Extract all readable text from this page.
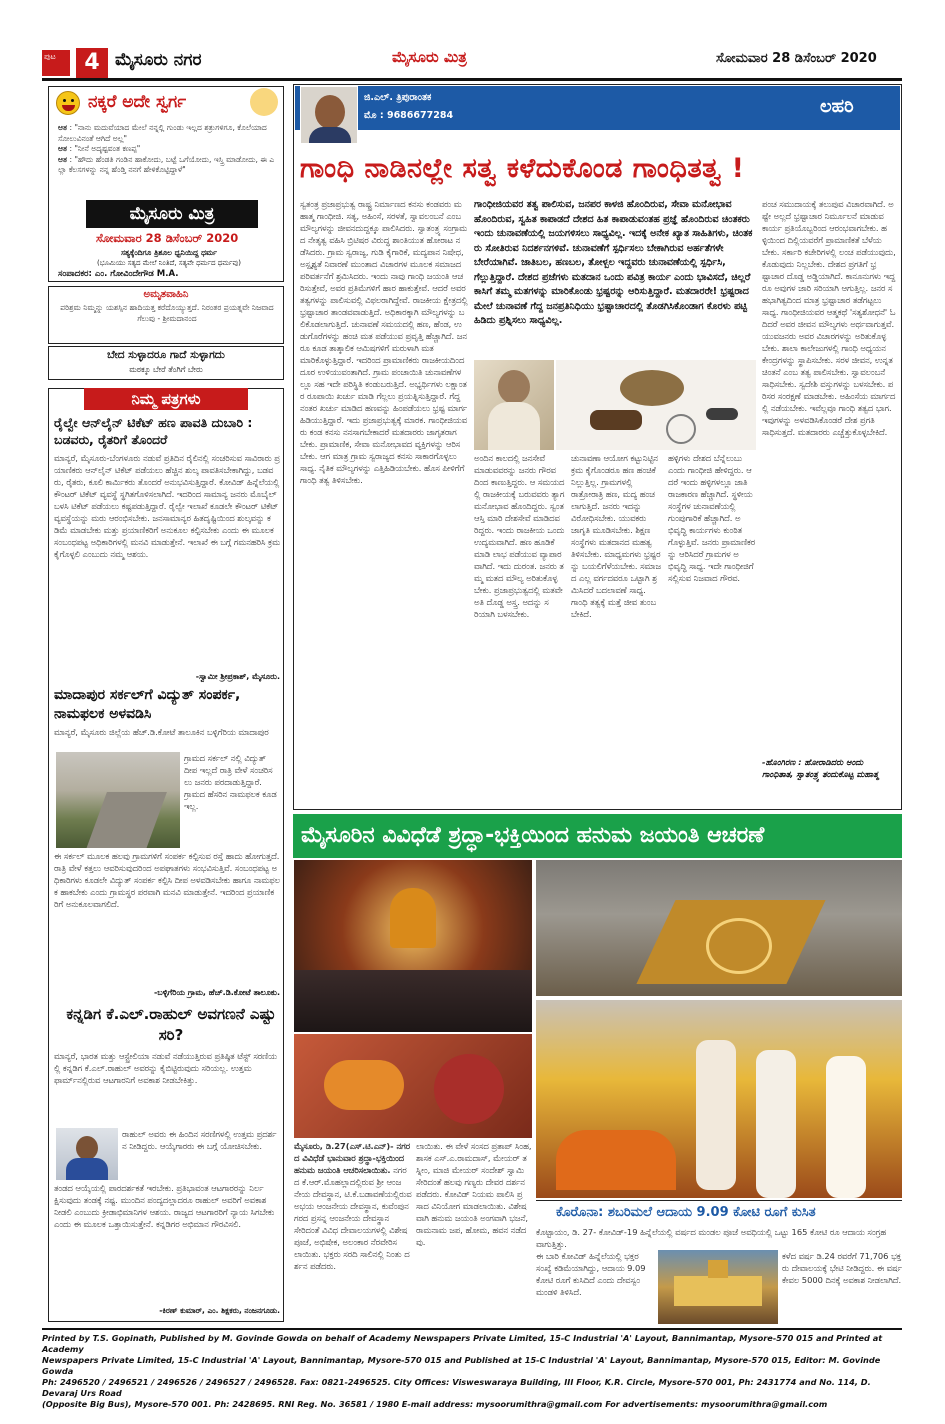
ಪುಟ	4 ಮೈಸೂರು ನಗರ	ಮೈಸೂರು ಮಿತ್ರ	ಸೋಮವಾರ 28 ಡಿಸೆಂಬರ್ 2020
ನಕ್ಕರೆ ಅದೇ ಸ್ವರ್ಗ
ಆತ : "ನಾನು ಮದುವೆಯಾದ ಮೇಲೆ ನನ್ನಲ್ಲಿ ಗುಂಡು ಇಲ್ಲದ ಶತ್ರುಗಳಿಗೂ, ಕೊಲೆಯಾದ ಸೋಲುವಿನಂತೆ ಆಗಿದೆ ಅಲ್ಲ"
ಆತ : "ನೀನೆ ಅದೃಷ್ಟವಂತ ಕಣಪ್ಪ"
ಆತ : "ಹೌದು ಹೆಂಡತಿ ಗಂಡಿನ ಹಾಕೋದು, ಬಟ್ಟೆ ಒಗೆಯೋದು, ಇಸ್ತ್ರಿ ಮಾಡೋದು, ಈ ಎಲ್ಲಾ ಕೆಲಸಗಳನ್ನು ನನ್ನ ಹೆಂಡ್ತಿ ನನಗೆ ಹೇಳಿಕೊಟ್ಟಿದ್ದಾಳೆ"
ಮೈಸೂರು ಮಿತ್ರ
ಸೋಮವಾರ 28 ಡಿಸೆಂಬರ್ 2020
ಸತ್ಯಕ್ಕೆಂದಿಗೂ ತ್ರಿಶೂಲ ಧ್ವನಿಯಿದ್ದ ಧರ್ಮ
(ಭೂಮಿಯು ಸತ್ಯದ ಮೇಲೆ ನಿಂತಿದೆ, ಸತ್ಯವೇ ಧರ್ಮದ ಧರ್ಮವು)
ಸಂಪಾದಕರ: ಎಂ. ಗೋವಿಂದೇಗೌಡ M.A.
ಅಮೃತವಾಹಿನಿ
ಪರಿಶ್ರಮ ನಿಮ್ಮನ್ನು ಯಶಸ್ಸಿನ ಹಾದಿಯತ್ತ ಕರೆದೊಯ್ಯುತ್ತದೆ. ನಿರಂತರ ಪ್ರಯತ್ನವೇ ನಿಜವಾದ ಗೆಲುವು - ಶ್ರೀಮದಾನಂದ
ಬೇದ ಸುಳ್ಳಾದರೂ ಗಾದೆ ಸುಳ್ಳಾಗದು
ಮಠಕ್ಕೂ ಬೇರೆ ತೆಂಗಿಗೆ ಬೇರು
ನಿಮ್ಮ ಪತ್ರಗಳು
ರೈಲ್ವೇ ಆನ್‌ಲೈನ್ ಟಿಕೆಟ್ ಹಣ ಪಾವತಿ ದುಬಾರಿ : ಬಡವರು, ರೈತರಿಗೆ ತೊಂದರೆ
ಮಾನ್ಯರೆ, ಮೈಸೂರು-ಬೆಂಗಳೂರು ನಡುವೆ ಪ್ರತಿದಿನ ರೈಲಿನಲ್ಲಿ ಸಂಚರಿಸುವ ಸಾವಿರಾರು ಪ್ರಯಾಣಿಕರು ಆನ್‌ಲೈನ್ ಟಿಕೆಟ್ ಪಡೆಯಲು ಹೆಚ್ಚಿನ ಶುಲ್ಕ ಪಾವತಿಸಬೇಕಾಗಿದ್ದು, ಬಡವರು, ರೈತರು, ಕೂಲಿ ಕಾರ್ಮಿಕರು ತೊಂದರೆ ಅನುಭವಿಸುತ್ತಿದ್ದಾರೆ. ಕೋವಿಡ್ ಹಿನ್ನೆಲೆಯಲ್ಲಿ ಕೌಂಟರ್ ಟಿಕೆಟ್ ವ್ಯವಸ್ಥೆ ಸ್ಥಗಿತಗೊಳಿಸಲಾಗಿದೆ. ಇದರಿಂದ ಸಾಮಾನ್ಯ ಜನರು ಮೊಬೈಲ್ ಬಳಸಿ ಟಿಕೆಟ್ ಪಡೆಯಲು ಕಷ್ಟಪಡುತ್ತಿದ್ದಾರೆ. ರೈಲ್ವೇ ಇಲಾಖೆ ಕೂಡಲೇ ಕೌಂಟರ್ ಟಿಕೆಟ್ ವ್ಯವಸ್ಥೆಯನ್ನು ಮರು ಆರಂಭಿಸಬೇಕು. ಜನಸಾಮಾನ್ಯರ ಹಿತದೃಷ್ಟಿಯಿಂದ ಶುಲ್ಕವನ್ನು ಕಡಿಮೆ ಮಾಡಬೇಕು ಮತ್ತು ಪ್ರಯಾಣಿಕರಿಗೆ ಅನುಕೂಲ ಕಲ್ಪಿಸಬೇಕು ಎಂದು ಈ ಮೂಲಕ ಸಂಬಂಧಪಟ್ಟ ಅಧಿಕಾರಿಗಳಲ್ಲಿ ಮನವಿ ಮಾಡುತ್ತೇನೆ. ಇಲಾಖೆ ಈ ಬಗ್ಗೆ ಗಮನಹರಿಸಿ ಕ್ರಮ ಕೈಗೊಳ್ಳಲಿ ಎಂಬುದು ನಮ್ಮ ಆಶಯ.
-ಸ್ವಾಮೀ ಶ್ರೀಪ್ರಕಾಶ್, ಮೈಸೂರು.
ಮಾದಾಪುರ ಸರ್ಕಲ್‌ಗೆ ವಿದ್ಯುತ್ ಸಂಪರ್ಕ, ನಾಮಫಲಕ ಅಳವಡಿಸಿ
ಮಾನ್ಯರೆ, ಮೈಸೂರು ಜಿಲ್ಲೆಯ ಹೆಚ್.ಡಿ.ಕೋಟೆ ತಾಲೂಕಿನ ಬಳ್ಳಿಗೆರಿಯ ಮಾದಾಪುರ
ಗ್ರಾಮದ ಸರ್ಕಲ್ ನಲ್ಲಿ ವಿದ್ಯುತ್ ದೀಪ ಇಲ್ಲದೆ ರಾತ್ರಿ ವೇಳೆ ಸಂಚರಿಸಲು ಜನರು ಪರದಾಡುತ್ತಿದ್ದಾರೆ. ಗ್ರಾಮದ ಹೆಸರಿನ ನಾಮಫಲಕ ಕೂಡ ಇಲ್ಲ.
ಈ ಸರ್ಕಲ್ ಮೂಲಕ ಹಲವು ಗ್ರಾಮಗಳಿಗೆ ಸಂಪರ್ಕ ಕಲ್ಪಿಸುವ ರಸ್ತೆ ಹಾದು ಹೋಗುತ್ತದೆ. ರಾತ್ರಿ ವೇಳೆ ಕತ್ತಲು ಆವರಿಸುವುದರಿಂದ ಅಪಘಾತಗಳು ಸಂಭವಿಸುತ್ತಿವೆ. ಸಂಬಂಧಪಟ್ಟ ಅಧಿಕಾರಿಗಳು ಕೂಡಲೇ ವಿದ್ಯುತ್ ಸಂಪರ್ಕ ಕಲ್ಪಿಸಿ ದೀಪ ಅಳವಡಿಸಬೇಕು ಹಾಗೂ ನಾಮಫಲಕ ಹಾಕಬೇಕು ಎಂದು ಗ್ರಾಮಸ್ಥರ ಪರವಾಗಿ ಮನವಿ ಮಾಡುತ್ತೇನೆ. ಇದರಿಂದ ಪ್ರಯಾಣಿಕರಿಗೆ ಅನುಕೂಲವಾಗಲಿದೆ.
-ಬಳ್ಳಿಗೆರಿಯ ಗ್ರಾಮ, ಹೆಚ್.ಡಿ.ಕೋಟೆ ತಾಲೂಕು.
ಕನ್ನಡಿಗ ಕೆ.ಎಲ್.ರಾಹುಲ್ ಅವಗಣನೆ ಎಷ್ಟು ಸರಿ?
ಮಾನ್ಯರೆ, ಭಾರತ ಮತ್ತು ಆಸ್ಟ್ರೇಲಿಯಾ ನಡುವೆ ನಡೆಯುತ್ತಿರುವ ಪ್ರತಿಷ್ಠಿತ ಟೆಸ್ಟ್ ಸರಣಿಯಲ್ಲಿ ಕನ್ನಡಿಗ ಕೆ.ಎಲ್.ರಾಹುಲ್ ಅವರನ್ನು ಕೈಬಿಟ್ಟಿರುವುದು ಸರಿಯಲ್ಲ. ಉತ್ತಮ ಫಾರ್ಮ್‌ನಲ್ಲಿರುವ ಆಟಗಾರನಿಗೆ ಅವಕಾಶ ನೀಡಬೇಕಿತ್ತು.
ರಾಹುಲ್ ಅವರು ಈ ಹಿಂದಿನ ಸರಣಿಗಳಲ್ಲಿ ಉತ್ತಮ ಪ್ರದರ್ಶನ ನೀಡಿದ್ದರು. ಆಯ್ಕೆಗಾರರು ಈ ಬಗ್ಗೆ ಯೋಚಿಸಬೇಕು.
ತಂಡದ ಆಯ್ಕೆಯಲ್ಲಿ ಪಾರದರ್ಶಕತೆ ಇರಬೇಕು. ಪ್ರತಿಭಾವಂತ ಆಟಗಾರರನ್ನು ನಿರ್ಲಕ್ಷಿಸುವುದು ತಂಡಕ್ಕೆ ನಷ್ಟ. ಮುಂದಿನ ಪಂದ್ಯದಲ್ಲಾದರೂ ರಾಹುಲ್ ಅವರಿಗೆ ಅವಕಾಶ ನೀಡಲಿ ಎಂಬುದು ಕ್ರೀಡಾಭಿಮಾನಿಗಳ ಆಶಯ. ರಾಜ್ಯದ ಆಟಗಾರರಿಗೆ ನ್ಯಾಯ ಸಿಗಬೇಕು ಎಂದು ಈ ಮೂಲಕ ಒತ್ತಾಯಿಸುತ್ತೇನೆ. ಕನ್ನಡಿಗರ ಅಭಿಮಾನ ಗೌರವಿಸಲಿ.
-ಕಿರಣ್ ಕುಮಾರ್, ಎಂ. ಶಿಕ್ಷಕರು, ನಂಜನಗೂಡು.
ಜಿ.ಎಲ್. ತ್ರಿಪುರಾಂತಕ
ಮೊ : 9686677284	ಲಹರಿ
ಗಾಂಧಿ ನಾಡಿನಲ್ಲೇ ಸತ್ವ ಕಳೆದುಕೊಂಡ ಗಾಂಧಿತತ್ವ !
ಸ್ವತಂತ್ರ ಪ್ರಜಾಪ್ರಭುತ್ವ ರಾಷ್ಟ್ರ ನಿರ್ಮಾಣದ ಕನಸು ಕಂಡವರು ಮಹಾತ್ಮ ಗಾಂಧೀಜಿ. ಸತ್ಯ, ಅಹಿಂಸೆ, ಸರಳತೆ, ಸ್ವಾವಲಂಬನೆ ಎಂಬ ಮೌಲ್ಯಗಳನ್ನು ಜೀವನದುದ್ದಕ್ಕೂ ಪಾಲಿಸಿದರು. ಸ್ವಾತಂತ್ರ್ಯ ಸಂಗ್ರಾಮದ ನೇತೃತ್ವ ವಹಿಸಿ ಬ್ರಿಟಿಷರ ವಿರುದ್ಧ ಶಾಂತಿಯುತ ಹೋರಾಟ ನಡೆಸಿದರು. ಗ್ರಾಮ ಸ್ವರಾಜ್ಯ, ಗುಡಿ ಕೈಗಾರಿಕೆ, ಮದ್ಯಪಾನ ನಿಷೇಧ, ಅಸ್ಪೃಶ್ಯತೆ ನಿವಾರಣೆ ಮುಂತಾದ ವಿಚಾರಗಳ ಮೂಲಕ ಸಮಾಜದ ಪರಿವರ್ತನೆಗೆ ಶ್ರಮಿಸಿದರು. ಇಂದು ನಾವು ಗಾಂಧಿ ಜಯಂತಿ ಆಚರಿಸುತ್ತೇವೆ, ಅವರ ಪ್ರತಿಮೆಗಳಿಗೆ ಹಾರ ಹಾಕುತ್ತೇವೆ. ಆದರೆ ಅವರ ತತ್ವಗಳನ್ನು ಪಾಲಿಸುವಲ್ಲಿ ವಿಫಲರಾಗಿದ್ದೇವೆ. ರಾಜಕೀಯ ಕ್ಷೇತ್ರದಲ್ಲಿ ಭ್ರಷ್ಟಾಚಾರ ತಾಂಡವವಾಡುತ್ತಿದೆ. ಅಧಿಕಾರಕ್ಕಾಗಿ ಮೌಲ್ಯಗಳನ್ನು ಬಲಿಕೊಡಲಾಗುತ್ತಿದೆ. ಚುನಾವಣೆ ಸಮಯದಲ್ಲಿ ಹಣ, ಹೆಂಡ, ಉಡುಗೊರೆಗಳನ್ನು ಹಂಚಿ ಮತ ಪಡೆಯುವ ಪ್ರವೃತ್ತಿ ಹೆಚ್ಚಾಗಿದೆ. ಜನರೂ ಕೂಡ ತಾತ್ಕಾಲಿಕ ಆಮಿಷಗಳಿಗೆ ಮರುಳಾಗಿ ಮತ ಮಾರಿಕೊಳ್ಳುತ್ತಿದ್ದಾರೆ. ಇದರಿಂದ ಪ್ರಾಮಾಣಿಕರು ರಾಜಕೀಯದಿಂದ ದೂರ ಉಳಿಯುವಂತಾಗಿದೆ. ಗ್ರಾಮ ಪಂಚಾಯಿತಿ ಚುನಾವಣೆಗಳಲ್ಲೂ ಸಹ ಇದೇ ಪರಿಸ್ಥಿತಿ ಕಂಡುಬರುತ್ತಿದೆ. ಅಭ್ಯರ್ಥಿಗಳು ಲಕ್ಷಾಂತರ ರೂಪಾಯಿ ಖರ್ಚು ಮಾಡಿ ಗೆಲ್ಲಲು ಪ್ರಯತ್ನಿಸುತ್ತಿದ್ದಾರೆ. ಗೆದ್ದ ನಂತರ ಖರ್ಚು ಮಾಡಿದ ಹಣವನ್ನು ಹಿಂಪಡೆಯಲು ಭ್ರಷ್ಟ ಮಾರ್ಗ ಹಿಡಿಯುತ್ತಿದ್ದಾರೆ. ಇದು ಪ್ರಜಾಪ್ರಭುತ್ವಕ್ಕೆ ಮಾರಕ. ಗಾಂಧೀಜಿಯವರು ಕಂಡ ಕನಸು ನನಸಾಗಬೇಕಾದರೆ ಮತದಾರರು ಜಾಗೃತರಾಗಬೇಕು. ಪ್ರಾಮಾಣಿಕ, ಸೇವಾ ಮನೋಭಾವದ ವ್ಯಕ್ತಿಗಳನ್ನು ಆರಿಸಬೇಕು. ಆಗ ಮಾತ್ರ ಗ್ರಾಮ ಸ್ವರಾಜ್ಯದ ಕನಸು ಸಾಕಾರಗೊಳ್ಳಲು ಸಾಧ್ಯ. ನೈತಿಕ ಮೌಲ್ಯಗಳನ್ನು ಎತ್ತಿಹಿಡಿಯಬೇಕು. ಹೊಸ ಪೀಳಿಗೆಗೆ ಗಾಂಧಿ ತತ್ವ ತಿಳಿಸಬೇಕು.
ಗಾಂಧೀಜಿಯವರ ತತ್ವ ಪಾಲಿಸುವ, ಜನಪರ ಕಾಳಜಿ ಹೊಂದಿರುವ, ಸೇವಾ ಮನೋಭಾವ ಹೊಂದಿರುವ, ಸ್ವಹಿತ ಕಾಪಾಡದೆ ದೇಶದ ಹಿತ ಕಾಪಾಡುವಂತಹ ಪ್ರಜ್ಞೆ ಹೊಂದಿರುವ ಚಿಂತಕರು ಇಂದು ಚುನಾವಣೆಯಲ್ಲಿ ಜಯಗಳಿಸಲು ಸಾಧ್ಯವಿಲ್ಲ. ಇದಕ್ಕೆ ಅನೇಕ ಖ್ಯಾತ ಸಾಹಿತಿಗಳು, ಚಿಂತಕರು ಸೋತಿರುವ ನಿದರ್ಶನಗಳಿವೆ. ಚುನಾವಣೆಗೆ ಸ್ಪರ್ಧಿಸಲು ಬೇಕಾಗಿರುವ ಅರ್ಹತೆಗಳೇ ಬೇರೆಯಾಗಿವೆ. ಜಾತಿಬಲ, ಹಣಬಲ, ತೋಳ್ಬಲ ಇದ್ದವರು ಚುನಾವಣೆಯಲ್ಲಿ ಸ್ಪರ್ಧಿಸಿ, ಗೆಲ್ಲುತ್ತಿದ್ದಾರೆ. ದೇಶದ ಪ್ರಜೆಗಳು ಮತದಾನ ಒಂದು ಪವಿತ್ರ ಕಾರ್ಯ ಎಂದು ಭಾವಿಸದೆ, ಚಿಲ್ಲರೆ ಕಾಸಿಗೆ ತಮ್ಮ ಮತಗಳನ್ನು ಮಾರಿಕೊಂಡು ಭ್ರಷ್ಟರನ್ನು ಆರಿಸುತ್ತಿದ್ದಾರೆ. ಮತದಾರರೇ! ಭ್ರಷ್ಟರಾದ ಮೇಲೆ ಚುನಾವಣೆ ಗೆದ್ದ ಜನಪ್ರತಿನಿಧಿಯು ಭ್ರಷ್ಟಾಚಾರದಲ್ಲಿ ತೊಡಗಿಸಿಕೊಂಡಾಗ ಕೊರಳು ಪಟ್ಟಿ ಹಿಡಿದು ಪ್ರಶ್ನಿಸಲು ಸಾಧ್ಯವಿಲ್ಲ.
ಅಂದಿನ ಕಾಲದಲ್ಲಿ ಜನಸೇವೆ ಮಾಡುವವರನ್ನು ಜನರು ಗೌರವದಿಂದ ಕಾಣುತ್ತಿದ್ದರು. ಆ ಸಮಯದಲ್ಲಿ ರಾಜಕೀಯಕ್ಕೆ ಬರುವವರು ತ್ಯಾಗ ಮನೋಭಾವ ಹೊಂದಿದ್ದರು. ಸ್ವಂತ ಆಸ್ತಿ ಮಾರಿ ದೇಶಸೇವೆ ಮಾಡಿದವರಿದ್ದರು. ಇಂದು ರಾಜಕೀಯ ಒಂದು ಉದ್ಯಮವಾಗಿದೆ. ಹಣ ಹೂಡಿಕೆ ಮಾಡಿ ಲಾಭ ಪಡೆಯುವ ವ್ಯಾಪಾರವಾಗಿದೆ. ಇದು ದುರಂತ. ಜನರು ತಮ್ಮ ಮತದ ಮೌಲ್ಯ ಅರಿತುಕೊಳ್ಳಬೇಕು. ಪ್ರಜಾಪ್ರಭುತ್ವದಲ್ಲಿ ಮತವೇ ಅತಿ ದೊಡ್ಡ ಅಸ್ತ್ರ. ಅದನ್ನು ಸರಿಯಾಗಿ ಬಳಸಬೇಕು.
ಚುನಾವಣಾ ಆಯೋಗ ಕಟ್ಟುನಿಟ್ಟಿನ ಕ್ರಮ ಕೈಗೊಂಡರೂ ಹಣ ಹಂಚಿಕೆ ನಿಲ್ಲುತ್ತಿಲ್ಲ. ಗ್ರಾಮಗಳಲ್ಲಿ ರಾತ್ರೋರಾತ್ರಿ ಹಣ, ಮದ್ಯ ಹಂಚಲಾಗುತ್ತಿದೆ. ಜನರು ಇದನ್ನು ವಿರೋಧಿಸಬೇಕು. ಯುವಕರು ಜಾಗೃತಿ ಮೂಡಿಸಬೇಕು. ಶಿಕ್ಷಣ ಸಂಸ್ಥೆಗಳು ಮತದಾನದ ಮಹತ್ವ ತಿಳಿಸಬೇಕು. ಮಾಧ್ಯಮಗಳು ಭ್ರಷ್ಟರನ್ನು ಬಯಲಿಗೆಳೆಯಬೇಕು. ಸಮಾಜದ ಎಲ್ಲ ವರ್ಗದವರೂ ಒಟ್ಟಾಗಿ ಶ್ರಮಿಸಿದರೆ ಬದಲಾವಣೆ ಸಾಧ್ಯ. ಗಾಂಧಿ ತತ್ವಕ್ಕೆ ಮತ್ತೆ ಜೀವ ತುಂಬಬೇಕಿದೆ.
ಹಳ್ಳಿಗಳು ದೇಶದ ಬೆನ್ನೆಲುಬು ಎಂದು ಗಾಂಧೀಜಿ ಹೇಳಿದ್ದರು. ಆದರೆ ಇಂದು ಹಳ್ಳಿಗಳಲ್ಲೂ ಜಾತಿ ರಾಜಕಾರಣ ಹೆಚ್ಚಾಗಿದೆ. ಸ್ಥಳೀಯ ಸಂಸ್ಥೆಗಳ ಚುನಾವಣೆಯಲ್ಲಿ ಗುಂಪುಗಾರಿಕೆ ಹೆಚ್ಚಾಗಿದೆ. ಅಭಿವೃದ್ಧಿ ಕಾರ್ಯಗಳು ಕುಂಠಿತಗೊಳ್ಳುತ್ತಿವೆ. ಜನರು ಪ್ರಾಮಾಣಿಕರನ್ನು ಆರಿಸಿದರೆ ಗ್ರಾಮಗಳ ಅಭಿವೃದ್ಧಿ ಸಾಧ್ಯ. ಇದೇ ಗಾಂಧೀಜಿಗೆ ಸಲ್ಲಿಸುವ ನಿಜವಾದ ಗೌರವ.
ಪಂಚ ಸಮುದಾಯಕ್ಕೆ ತಲುಪುವ ವಿಚಾರವಾಗಿದೆ. ಅಷ್ಟೇ ಅಲ್ಲದೆ ಭ್ರಷ್ಟಾಚಾರ ನಿರ್ಮೂಲನೆ ಮಾಡುವ ಕಾರ್ಯ ಪ್ರತಿಯೊಬ್ಬರಿಂದ ಆರಂಭವಾಗಬೇಕು. ಹಳ್ಳಿಯಿಂದ ದಿಲ್ಲಿಯವರೆಗೆ ಪ್ರಾಮಾಣಿಕತೆ ಬೆಳೆಯಬೇಕು. ಸರ್ಕಾರಿ ಕಚೇರಿಗಳಲ್ಲಿ ಲಂಚ ಪಡೆಯುವುದು, ಕೊಡುವುದು ನಿಲ್ಲಬೇಕು. ದೇಶದ ಪ್ರಗತಿಗೆ ಭ್ರಷ್ಟಾಚಾರ ದೊಡ್ಡ ಅಡ್ಡಿಯಾಗಿದೆ. ಕಾನೂನುಗಳು ಇದ್ದರೂ ಅವುಗಳ ಜಾರಿ ಸರಿಯಾಗಿ ಆಗುತ್ತಿಲ್ಲ. ಜನರ ಸಹಭಾಗಿತ್ವದಿಂದ ಮಾತ್ರ ಭ್ರಷ್ಟಾಚಾರ ತಡೆಗಟ್ಟಲು ಸಾಧ್ಯ. ಗಾಂಧೀಜಿಯವರ ಆತ್ಮಕಥೆ 'ಸತ್ಯಶೋಧನೆ' ಓದಿದರೆ ಅವರ ಜೀವನ ಮೌಲ್ಯಗಳು ಅರ್ಥವಾಗುತ್ತವೆ. ಯುವಜನರು ಅವರ ವಿಚಾರಗಳನ್ನು ಅರಿತುಕೊಳ್ಳಬೇಕು. ಶಾಲಾ ಕಾಲೇಜುಗಳಲ್ಲಿ ಗಾಂಧಿ ಅಧ್ಯಯನ ಕೇಂದ್ರಗಳನ್ನು ಸ್ಥಾಪಿಸಬೇಕು. ಸರಳ ಜೀವನ, ಉನ್ನತ ಚಿಂತನೆ ಎಂಬ ತತ್ವ ಪಾಲಿಸಬೇಕು. ಸ್ವಾವಲಂಬನೆ ಸಾಧಿಸಬೇಕು. ಸ್ವದೇಶಿ ವಸ್ತುಗಳನ್ನು ಬಳಸಬೇಕು. ಪರಿಸರ ಸಂರಕ್ಷಣೆ ಮಾಡಬೇಕು. ಅಹಿಂಸೆಯ ಮಾರ್ಗದಲ್ಲಿ ನಡೆಯಬೇಕು. ಇವೆಲ್ಲವೂ ಗಾಂಧಿ ತತ್ವದ ಭಾಗ. ಇವುಗಳನ್ನು ಅಳವಡಿಸಿಕೊಂಡರೆ ದೇಶ ಪ್ರಗತಿ ಸಾಧಿಸುತ್ತದೆ. ಮತದಾರರು ಎಚ್ಚೆತ್ತುಕೊಳ್ಳಬೇಕಿದೆ.
-ಹೊಂಗಿರಣ : ಹೋರಾಡಿದರು ಅಂದು ಗಾಂಧಿತಾತ, ಸ್ವಾತಂತ್ರ್ಯ ತಂದುಕೊಟ್ಟ ಮಹಾತ್ಮ
ಮೈಸೂರಿನ ವಿವಿಧೆಡೆ ಶ್ರದ್ಧಾ-ಭಕ್ತಿಯಿಂದ ಹನುಮ ಜಯಂತಿ ಆಚರಣೆ
ಮೈಸೂರು, ಡಿ.27(ಎಸ್.ಟಿ.ಎನ್)- ನಗರದ ವಿವಿಧೆಡೆ ಭಾನುವಾರ ಶ್ರದ್ಧಾ-ಭಕ್ತಿಯಿಂದ ಹನುಮ ಜಯಂತಿ ಆಚರಿಸಲಾಯಿತು. ನಗರದ ಕೆ.ಆರ್.ಮೊಹಲ್ಲಾದಲ್ಲಿರುವ ಶ್ರೀ ಆಂಜನೇಯ ದೇವಸ್ಥಾನ, ಟಿ.ಕೆ.ಬಡಾವಣೆಯಲ್ಲಿರುವ ಅಭಯ ಆಂಜನೇಯ ದೇವಸ್ಥಾನ, ಕುವೆಂಪುನಗರದ ಪ್ರಸನ್ನ ಆಂಜನೇಯ ದೇವಸ್ಥಾನ ಸೇರಿದಂತೆ ವಿವಿಧ ದೇವಾಲಯಗಳಲ್ಲಿ ವಿಶೇಷ ಪೂಜೆ, ಅಭಿಷೇಕ, ಅಲಂಕಾರ ನೆರವೇರಿಸಲಾಯಿತು. ಭಕ್ತರು ಸರದಿ ಸಾಲಿನಲ್ಲಿ ನಿಂತು ದರ್ಶನ ಪಡೆದರು.
ಲಾಯಿತು. ಈ ವೇಳೆ ಸಂಸದ ಪ್ರತಾಪ್ ಸಿಂಹ, ಶಾಸಕ ಎಸ್.ಎ.ರಾಮದಾಸ್, ಮೇಯರ್ ತಸ್ನೀಂ, ಮಾಜಿ ಮೇಯರ್ ಸಂದೇಶ್ ಸ್ವಾಮಿ ಸೇರಿದಂತೆ ಹಲವು ಗಣ್ಯರು ದೇವರ ದರ್ಶನ ಪಡೆದರು. ಕೋವಿಡ್ ನಿಯಮ ಪಾಲಿಸಿ ಪ್ರಸಾದ ವಿನಿಯೋಗ ಮಾಡಲಾಯಿತು. ವಿಶೇಷವಾಗಿ ಹನುಮ ಜಯಂತಿ ಅಂಗವಾಗಿ ಭಜನೆ, ರಾಮನಾಮ ಜಪ, ಹೋಮ, ಹವನ ನಡೆದವು.
ಕೊರೊನಾ: ಶಬರಿಮಲೆ ಆದಾಯ 9.09 ಕೋಟಿ ರೂಗೆ ಕುಸಿತ
ಕೊಟ್ಟಾಯಂ, ಡಿ. 27- ಕೋವಿಡ್-19 ಹಿನ್ನೆಲೆಯಲ್ಲಿ ವರ್ಷದ ಮಂಡಲ ಪೂಜೆ ಅವಧಿಯಲ್ಲಿ ಒಟ್ಟು 165 ಕೋಟಿ ರೂ ಆದಾಯ ಸಂಗ್ರಹವಾಗುತ್ತಿತ್ತು.
ಈ ಬಾರಿ ಕೋವಿಡ್ ಹಿನ್ನೆಲೆಯಲ್ಲಿ ಭಕ್ತರ ಸಂಖ್ಯೆ ಕಡಿಮೆಯಾಗಿದ್ದು, ಆದಾಯ 9.09 ಕೋಟಿ ರೂಗೆ ಕುಸಿದಿದೆ ಎಂದು ದೇವಸ್ವಂ ಮಂಡಳಿ ತಿಳಿಸಿದೆ.
ಕಳೆದ ವರ್ಷ ಡಿ.24 ರವರೆಗೆ 71,706 ಭಕ್ತರು ದೇವಾಲಯಕ್ಕೆ ಭೇಟಿ ನೀಡಿದ್ದರು. ಈ ವರ್ಷ ಕೇವಲ 5000 ದಿನಕ್ಕೆ ಅವಕಾಶ ನೀಡಲಾಗಿದೆ.
Printed by T.S. Gopinath, Published by M. Govinde Gowda on behalf of Academy Newspapers Private Limited, 15-C Industrial 'A' Layout, Bannimantap, Mysore-570 015 and Printed at Academy
Newspapers Private Limited, 15-C Industrial 'A' Layout, Bannimantap, Mysore-570 015 and Published at 15-C Industrial 'A' Layout, Bannimantap, Mysore-570 015, Editor: M. Govinde Gowda
Ph: 2496520 / 2496521 / 2496526 / 2496527 / 2496528. Fax: 0821-2496525. City Offices: Visweswaraya Building, III Floor, K.R. Circle, Mysore-570 001, Ph: 2431774 and No. 114, D. Devaraj Urs Road
(Opposite Big Bus), Mysore-570 001. Ph: 2428695. RNI Reg. No. 36581 / 1980 E-mail address: mysoorumithra@gmail.com For advertisements: mysoorumithra@gmail.com
